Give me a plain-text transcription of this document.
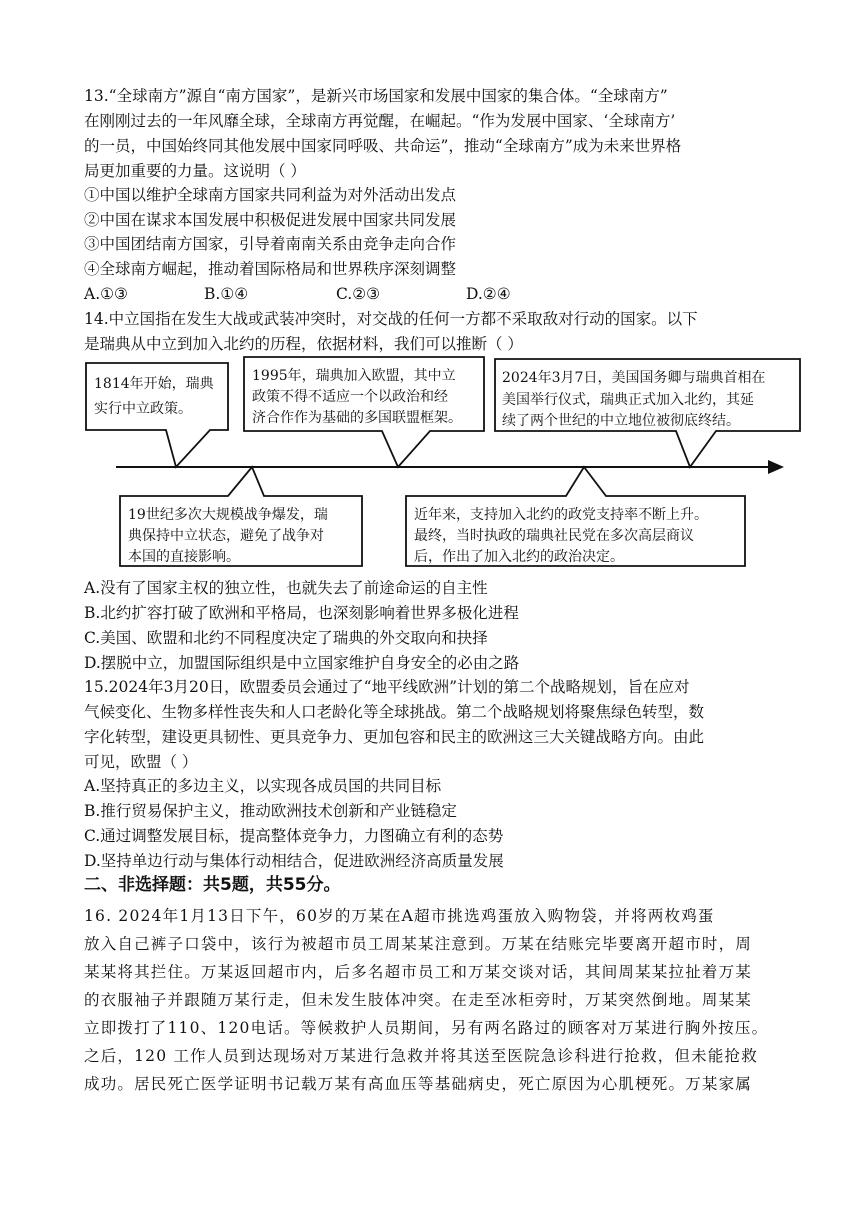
13.“全球南方”源自“南方国家”，是新兴市场国家和发展中国家的集合体。“全球南方”
在刚刚过去的一年风靡全球，全球南方再觉醒，在崛起。“作为发展中国家、‘全球南方’
的一员，中国始终同其他发展中国家同呼吸、共命运”，推动“全球南方”成为未来世界格
局更加重要的力量。这说明（ ）
①中国以维护全球南方国家共同利益为对外活动出发点
②中国在谋求本国发展中积极促进发展中国家共同发展
③中国团结南方国家，引导着南南关系由竞争走向合作
④全球南方崛起，推动着国际格局和世界秩序深刻调整
A.①③	B.①④	C.②③	D.②④
14.中立国指在发生大战或武装冲突时，对交战的任何一方都不采取敌对行动的国家。以下
是瑞典从中立到加入北约的历程，依据材料，我们可以推断（ ）
1814年开始，瑞典
实行中立政策。
1995年，瑞典加入欧盟，其中立
政策不得不适应一个以政治和经
济合作作为基础的多国联盟框架。
2024年3月7日，美国国务卿与瑞典首相在
美国举行仪式，瑞典正式加入北约，其延
续了两个世纪的中立地位被彻底终结。
19世纪多次大规模战争爆发，瑞
典保持中立状态，避免了战争对
本国的直接影响。
近年来，支持加入北约的政党支持率不断上升。
最终，当时执政的瑞典社民党在多次高层商议
后，作出了加入北约的政治决定。
A.没有了国家主权的独立性，也就失去了前途命运的自主性
B.北约扩容打破了欧洲和平格局，也深刻影响着世界多极化进程
C.美国、欧盟和北约不同程度决定了瑞典的外交取向和抉择
D.摆脱中立，加盟国际组织是中立国家维护自身安全的必由之路
15.2024年3月20日，欧盟委员会通过了“地平线欧洲”计划的第二个战略规划，旨在应对
气候变化、生物多样性丧失和人口老龄化等全球挑战。第二个战略规划将聚焦绿色转型，数
字化转型，建设更具韧性、更具竞争力、更加包容和民主的欧洲这三大关键战略方向。由此
可见，欧盟（ ）
A.坚持真正的多边主义，以实现各成员国的共同目标
B.推行贸易保护主义，推动欧洲技术创新和产业链稳定
C.通过调整发展目标，提高整体竞争力，力图确立有利的态势
D.坚持单边行动与集体行动相结合，促进欧洲经济高质量发展
二、非选择题：共5题，共55分。
16. 2024年1月13日下午，60岁的万某在A超市挑选鸡蛋放入购物袋，并将两枚鸡蛋
放入自己裤子口袋中，该行为被超市员工周某某注意到。万某在结账完毕要离开超市时，周
某某将其拦住。万某返回超市内，后多名超市员工和万某交谈对话，其间周某某拉扯着万某
的衣服袖子并跟随万某行走，但未发生肢体冲突。在走至冰柜旁时，万某突然倒地。周某某
立即拨打了110、120电话。等候救护人员期间，另有两名路过的顾客对万某进行胸外按压。
之后，120 工作人员到达现场对万某进行急救并将其送至医院急诊科进行抢救，但未能抢救
成功。居民死亡医学证明书记载万某有高血压等基础病史，死亡原因为心肌梗死。万某家属
